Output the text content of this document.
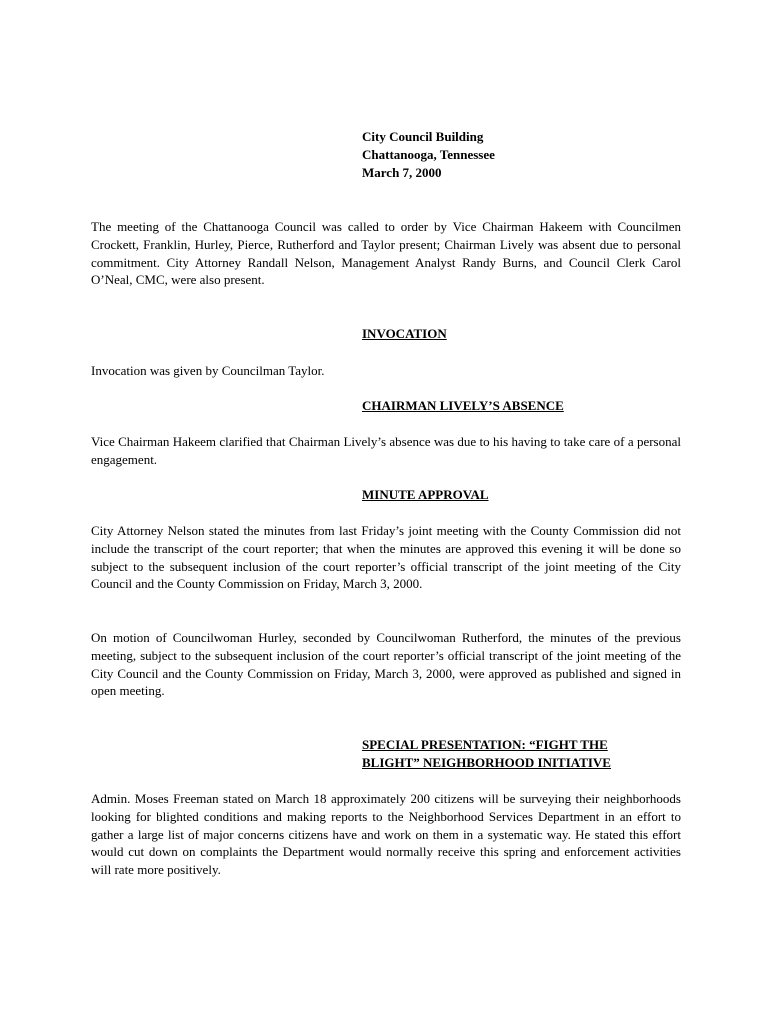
City Council Building
Chattanooga, Tennessee
March 7, 2000

The meeting of the Chattanooga Council was called to order by Vice Chairman Hakeem with Councilmen Crockett, Franklin, Hurley, Pierce, Rutherford and Taylor present; Chairman Lively was absent due to personal commitment. City Attorney Randall Nelson, Management Analyst Randy Burns, and Council Clerk Carol O’Neal, CMC, were also present.

INVOCATION

Invocation was given by Councilman Taylor.

CHAIRMAN LIVELY’S ABSENCE

Vice Chairman Hakeem clarified that Chairman Lively’s absence was due to his having to take care of a personal engagement.

MINUTE APPROVAL

City Attorney Nelson stated the minutes from last Friday’s joint meeting with the County Commission did not include the transcript of the court reporter; that when the minutes are approved this evening it will be done so subject to the subsequent inclusion of the court reporter’s official transcript of the joint meeting of the City Council and the County Commission on Friday, March 3, 2000.

On motion of Councilwoman Hurley, seconded by Councilwoman Rutherford, the minutes of the previous meeting, subject to the subsequent inclusion of the court reporter’s official transcript of the joint meeting of the City Council and the County Commission on Friday, March 3, 2000, were approved as published and signed in open meeting.

SPECIAL PRESENTATION: “FIGHT THE
BLIGHT” NEIGHBORHOOD INITIATIVE

Admin. Moses Freeman stated on March 18 approximately 200 citizens will be surveying their neighborhoods looking for blighted conditions and making reports to the Neighborhood Services Department in an effort to gather a large list of major concerns citizens have and work on them in a systematic way. He stated this effort would cut down on complaints the Department would normally receive this spring and enforcement activities will rate more positively.
